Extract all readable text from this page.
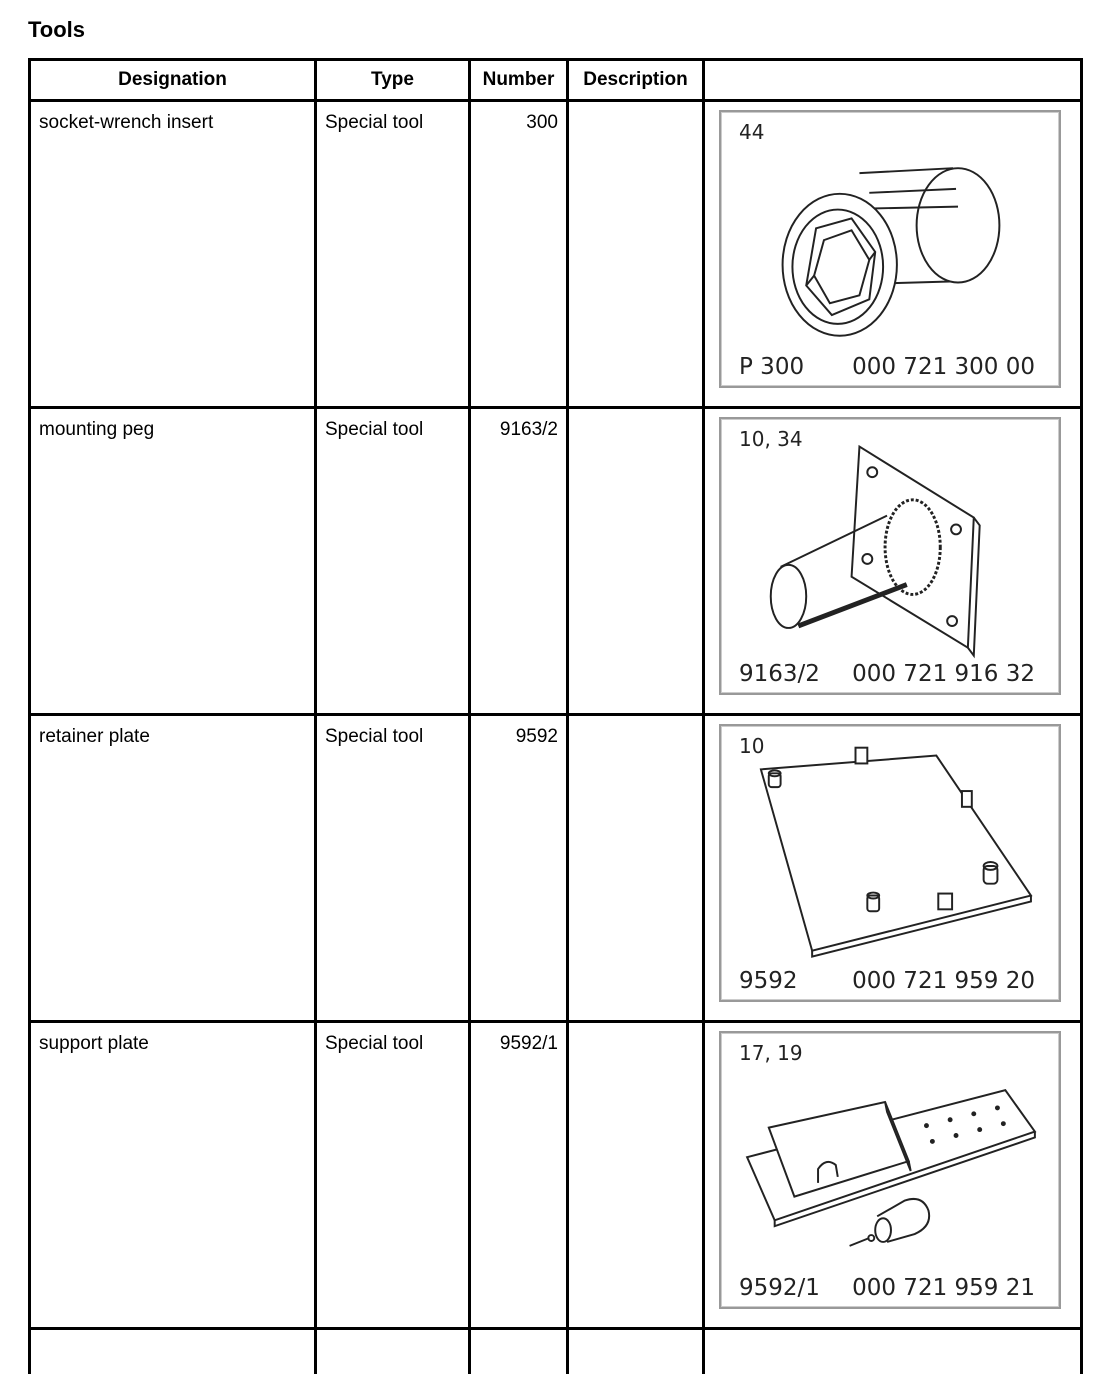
Tools
Designation	Type	Number	Description	
socket-wrench insert	Special tool	300		44
P 300 000 721 300 00

mounting peg	Special tool	9163/2		10, 34
9163/2 000 721 916 32

retainer plate	Special tool	9592		10
9592 000 721 959 20

support plate	Special tool	9592/1		17, 19
9592/1 000 721 959 21
